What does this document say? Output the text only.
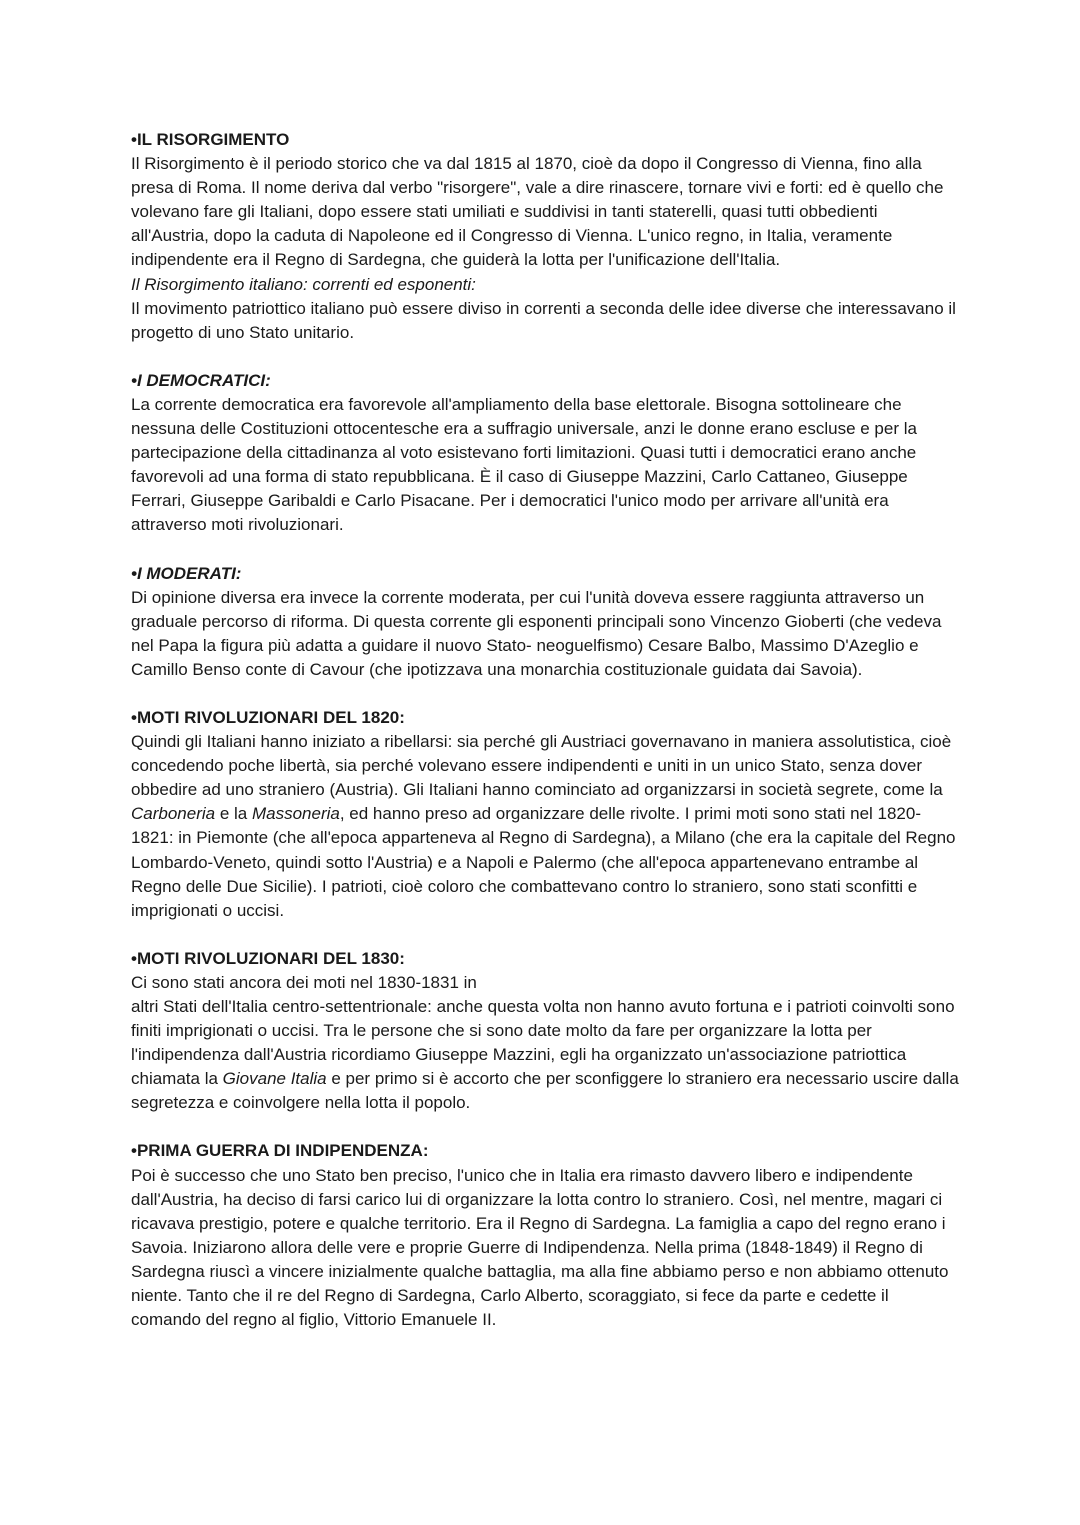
•IL RISORGIMENTO

Il Risorgimento è il periodo storico che va dal 1815 al 1870, cioè da dopo il Congresso di Vienna, fino alla presa di Roma. Il nome deriva dal verbo "risorgere", vale a dire rinascere, tornare vivi e forti: ed è quello che volevano fare gli Italiani, dopo essere stati umiliati e suddivisi in tanti staterelli, quasi tutti obbedienti all'Austria, dopo la caduta di Napoleone ed il Congresso di Vienna. L'unico regno, in Italia, veramente indipendente era il Regno di Sardegna, che guiderà la lotta per l'unificazione dell'Italia.

Il Risorgimento italiano: correnti ed esponenti:

Il movimento patriottico italiano può essere diviso in correnti a seconda delle idee diverse che interessavano il progetto di uno Stato unitario.

•I DEMOCRATICI:

La corrente democratica era favorevole all'ampliamento della base elettorale. Bisogna sottolineare che nessuna delle Costituzioni ottocentesche era a suffragio universale, anzi le donne erano escluse e per la partecipazione della cittadinanza al voto esistevano forti limitazioni. Quasi tutti i democratici erano anche favorevoli ad una forma di stato repubblicana. È il caso di Giuseppe Mazzini, Carlo Cattaneo, Giuseppe Ferrari, Giuseppe Garibaldi e Carlo Pisacane. Per i democratici l'unico modo per arrivare all'unità era attraverso moti rivoluzionari.

•I MODERATI:

Di opinione diversa era invece la corrente moderata, per cui l'unità doveva essere raggiunta attraverso un graduale percorso di riforma. Di questa corrente gli esponenti principali sono Vincenzo Gioberti (che vedeva nel Papa la figura più adatta a guidare il nuovo Stato- neoguelfismo) Cesare Balbo, Massimo D'Azeglio e Camillo Benso conte di Cavour (che ipotizzava una monarchia costituzionale guidata dai Savoia).

•MOTI RIVOLUZIONARI DEL 1820:

Quindi gli Italiani hanno iniziato a ribellarsi: sia perché gli Austriaci governavano in maniera assolutistica, cioè concedendo poche libertà, sia perché volevano essere indipendenti e uniti in un unico Stato, senza dover obbedire ad uno straniero (Austria). Gli Italiani hanno cominciato ad organizzarsi in società segrete, come la Carboneria e la Massoneria, ed hanno preso ad organizzare delle rivolte. I primi moti sono stati nel 1820-1821: in Piemonte (che all'epoca apparteneva al Regno di Sardegna), a Milano (che era la capitale del Regno Lombardo-Veneto, quindi sotto l'Austria) e a Napoli e Palermo (che all'epoca appartenevano entrambe al Regno delle Due Sicilie). I patrioti, cioè coloro che combattevano contro lo straniero, sono stati sconfitti e imprigionati o uccisi.

•MOTI RIVOLUZIONARI DEL 1830:
Ci sono stati ancora dei moti nel 1830-1831 in

altri Stati dell'Italia centro-settentrionale: anche questa volta non hanno avuto fortuna e i patrioti coinvolti sono finiti imprigionati o uccisi. Tra le persone che si sono date molto da fare per organizzare la lotta per l'indipendenza dall'Austria ricordiamo Giuseppe Mazzini, egli ha organizzato un'associazione patriottica chiamata la Giovane Italia e per primo si è accorto che per sconfiggere lo straniero era necessario uscire dalla segretezza e coinvolgere nella lotta il popolo.

•PRIMA GUERRA DI INDIPENDENZA:

Poi è successo che uno Stato ben preciso, l'unico che in Italia era rimasto davvero libero e indipendente dall'Austria, ha deciso di farsi carico lui di organizzare la lotta contro lo straniero. Così, nel mentre, magari ci ricavava prestigio, potere e qualche territorio. Era il Regno di Sardegna. La famiglia a capo del regno erano i Savoia. Iniziarono allora delle vere e proprie Guerre di Indipendenza. Nella prima (1848-1849) il Regno di Sardegna riuscì a vincere inizialmente qualche battaglia, ma alla fine abbiamo perso e non abbiamo ottenuto niente. Tanto che il re del Regno di Sardegna, Carlo Alberto, scoraggiato, si fece da parte e cedette il comando del regno al figlio, Vittorio Emanuele II.
